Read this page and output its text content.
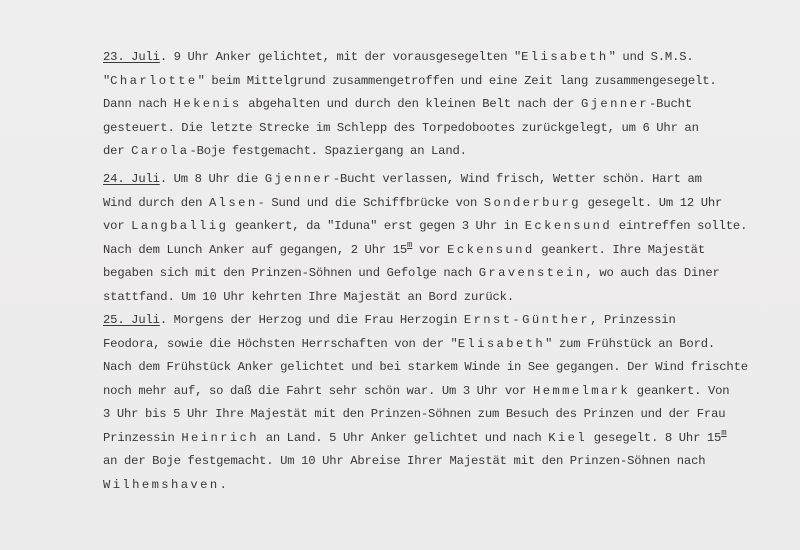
23. Juli. 9 Uhr Anker gelichtet, mit der vorausgesegelten "Elisabeth" und S.M.S.
"Charlotte" beim Mittelgrund zusammengetroffen und eine Zeit lang zusammengesegelt.
Dann nach Hekenis abgehalten und durch den kleinen Belt nach der Gjenner-Bucht
gesteuert. Die letzte Strecke im Schlepp des Torpedobootes zurückgelegt, um 6 Uhr an
der Carola-Boje festgemacht. Spaziergang an Land.
24. Juli. Um 8 Uhr die Gjenner-Bucht verlassen, Wind frisch, Wetter schön. Hart am
Wind durch den Alsen- Sund und die Schiffbrücke von Sonderburg gesegelt. Um 12 Uhr
vor Langballig geankert, da "Iduna" erst gegen 3 Uhr in Eckensund eintreffen sollte.
Nach dem Lunch Anker auf gegangen, 2 Uhr 15$^m$ vor Eckensund geankert. Ihre Majestät
begaben sich mit den Prinzen-Söhnen und Gefolge nach Gravenstein, wo auch das Diner
stattfand. Um 10 Uhr kehrten Ihre Majestät an Bord zurück.
25. Juli. Morgens der Herzog und die Frau Herzogin Ernst-Günther, Prinzessin
Feodora, sowie die Höchsten Herrschaften von der "Elisabeth" zum Frühstück an Bord.
Nach dem Frühstück Anker gelichtet und bei starkem Winde in See gegangen. Der Wind frischte
noch mehr auf, so daß die Fahrt sehr schön war. Um 3 Uhr vor Hemmelmark geankert. Von
3 Uhr bis 5 Uhr Ihre Majestät mit den Prinzen-Söhnen zum Besuch des Prinzen und der Frau
Prinzessin Heinrich an Land. 5 Uhr Anker gelichtet und nach Kiel gesegelt. 8 Uhr 15$^m$
an der Boje festgemacht. Um 10 Uhr Abreise Ihrer Majestät mit den Prinzen-Söhnen nach
Wilhemshaven.
